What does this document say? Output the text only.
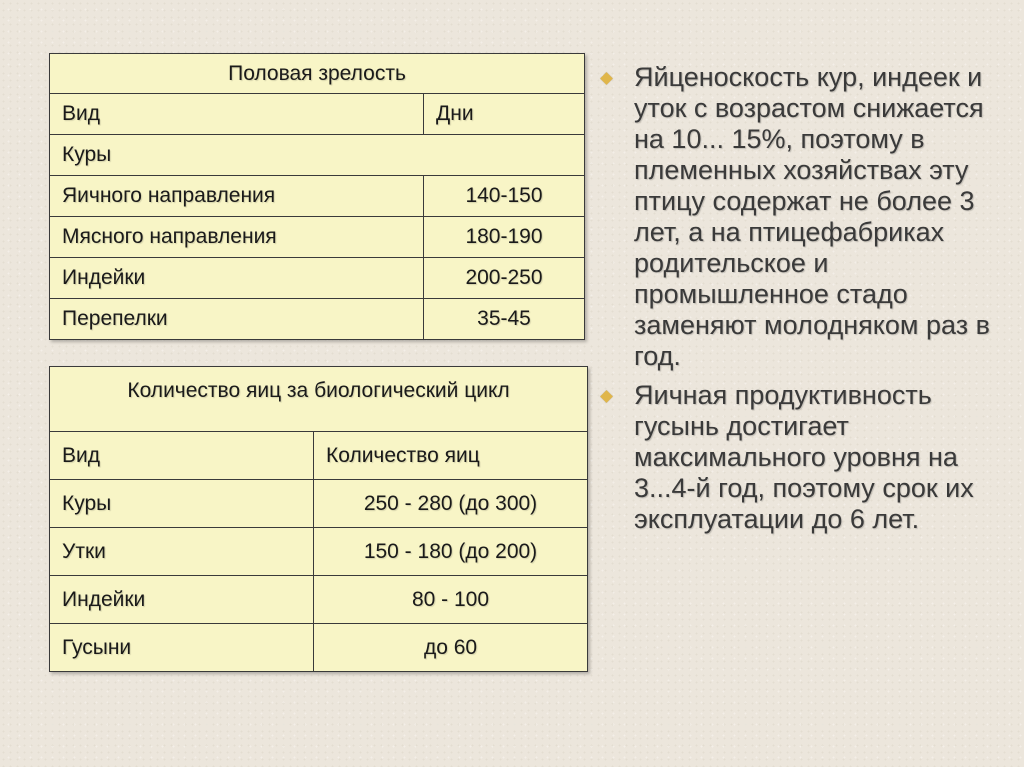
Половая зрелость	
Вид	Дни
Куры	
Яичного направления	140-150
Мясного направления	180-190
Индейки	200-250
Перепелки	35-45
Количество яиц за биологический цикл	
Вид	Количество яиц
Куры	250 - 280 (до 300)
Утки	150 - 180 (до 200)
Индейки	80 - 100
Гусыни	до 60
Яйценоскость кур, индеек и уток с возрастом снижается на 10... 15%, поэтому в племенных хозяйствах эту птицу содержат не более 3 лет, а на птицефабриках родительское и промышленное стадо заменяют молодняком раз в год.
Яичная продуктивность гусынь достигает максимального уровня на 3...4-й год, поэтому срок их эксплуатации до 6 лет.
